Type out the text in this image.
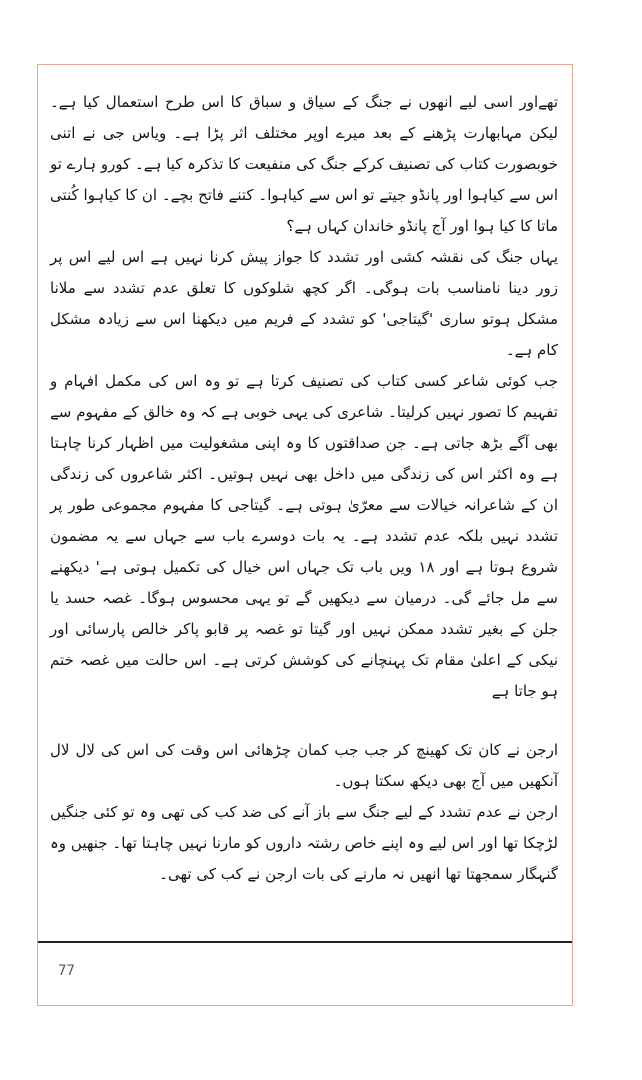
تھےاور اسی لیے انھوں نے جنگ کے سیاق و سباق کا اس طرح استعمال کیا ہے۔ لیکن مہابھارت پڑھنے کے بعد میرے اوپر مختلف اثر پڑا ہے۔ ویاس جی نے اتنی خوبصورت کتاب کی تصنیف کرکے جنگ کی منفیعت کا تذکرہ کیا ہے۔ کورو ہارے تو اس سے کیاہوا اور پانڈو جیتے تو اس سے کیاہوا۔ کتنے فاتح بچے۔ ان کا کیاہوا کُنتی ماتا کا کیا ہوا اور آج پانڈو خاندان کہاں ہے؟

یہاں جنگ کی نقشہ کشی اور تشدد کا جواز پیش کرنا نہیں ہے اس لیے اس پر زور دینا نامناسب بات ہوگی۔ اگر کچھ شلوکوں کا تعلق عدم تشدد سے ملانا مشکل ہوتو ساری 'گیتاجی' کو تشدد کے فریم میں دیکھنا اس سے زیادہ مشکل کام ہے۔

جب کوئی شاعر کسی کتاب کی تصنیف کرتا ہے تو وہ اس کی مکمل افہام و تفہیم کا تصور نہیں کرلیتا۔ شاعری کی یہی خوبی ہے کہ وہ خالق کے مفہوم سے بھی آگے بڑھ جاتی ہے۔ جن صداقتوں کا وہ اپنی مشغولیت میں اظہار کرنا چاہتا ہے وہ اکثر اس کی زندگی میں داخل بھی نہیں ہوتیں۔ اکثر شاعروں کی زندگی ان کے شاعرانہ خیالات سے معرّیٰ ہوتی ہے۔ گیتاجی کا مفہوم مجموعی طور پر تشدد نہیں بلکہ عدم تشدد ہے۔ یہ بات دوسرے باب سے جہاں سے یہ مضمون شروع ہوتا ہے اور ۱۸ ویں باب تک جہاں اس خیال کی تکمیل ہوتی ہے' دیکھنے سے مل جائے گی۔ درمیان سے دیکھیں گے تو یہی محسوس ہوگا۔ غصہ حسد یا جلن کے بغیر تشدد ممکن نہیں اور گیتا تو غصہ پر قابو پاکر خالص پارسائی اور نیکی کے اعلیٰ مقام تک پہنچانے کی کوشش کرتی ہے۔ اس حالت میں غصہ ختم ہو جاتا ہے

ارجن نے کان تک کھینچ کر جب جب کمان چڑھائی اس وقت کی اس کی لال لال آنکھیں میں آج بھی دیکھ سکتا ہوں۔

ارجن نے عدم تشدد کے لیے جنگ سے باز آنے کی ضد کب کی تھی وہ تو کئی جنگیں لڑچکا تھا اور اس لیے وہ اپنے خاص رشتہ داروں کو مارنا نہیں چاہتا تھا۔ جنھیں وہ گنہگار سمجھتا تھا انھیں نہ مارنے کی بات ارجن نے کب کی تھی۔

77
